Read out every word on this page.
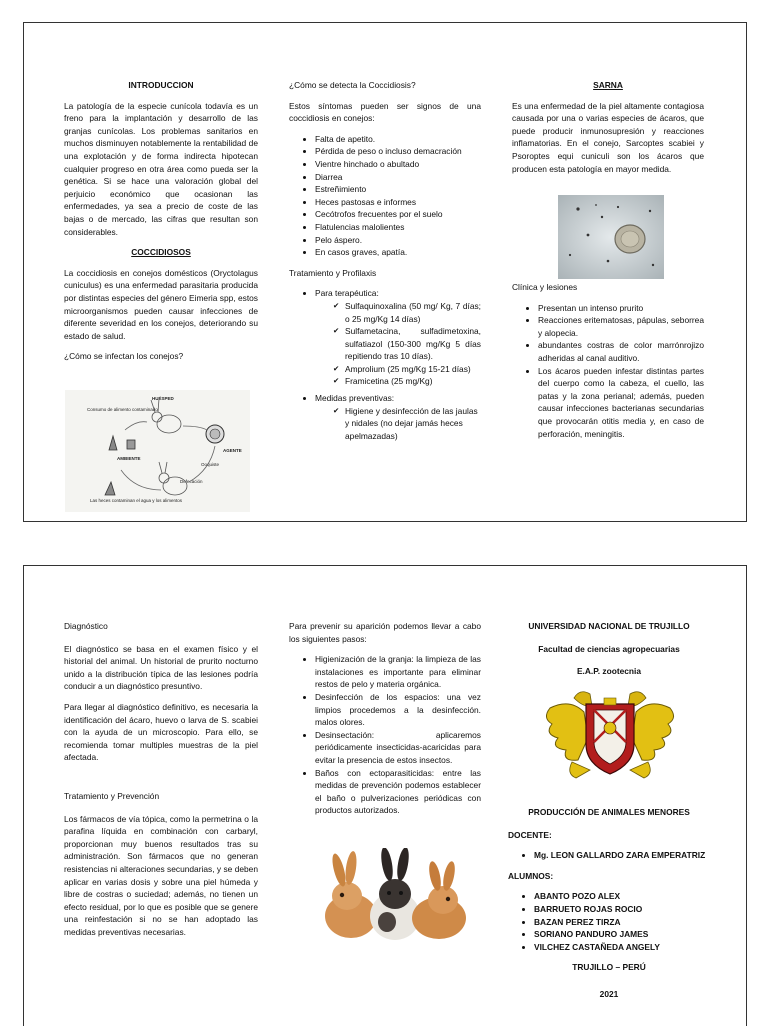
INTRODUCCION

La patología de la especie cunícola todavía es un freno para la implantación y desarrollo de las granjas cunícolas. Los problemas sanitarios en muchos disminuyen notablemente la rentabilidad de una explotación y de forma indirecta hipotecan cualquier progreso en otra área como pueda ser la genética. Si se hace una valoración global del perjuicio económico que ocasionan las enfermedades, ya sea a precio de coste de las bajas o de mercado, las cifras que resultan son considerables.

COCCIDIOSOS

La coccidiosis en conejos domésticos (Oryctolagus cuniculus) es una enfermedad parasitaria producida por distintas especies del género Eimeria spp, estos microorganismos pueden causar infecciones de diferente severidad en los conejos, deteriorando su estado de salud.

¿Cómo se infectan los conejos?

HUÉSPED
Consumo de alimento contaminado
AMBIENTE
AGENTE
Defecación
Las heces contaminan el agua y los alimentos
Ooquiste

¿Cómo se detecta la Coccidiosis?

Estos síntomas pueden ser signos de una coccidiosis en conejos:

• Falta de apetito.
• Pérdida de peso o incluso demacración
• Vientre hinchado o abultado
• Diarrea
• Estreñimiento
• Heces pastosas e informes
• Cecótrofos frecuentes por el suelo
• Flatulencias malolientes
• Pelo áspero.
• En casos graves, apatía.

Tratamiento y Profilaxis

• Para terapéutica:
✔ Sulfaquinoxalina (50 mg/ Kg, 7 días; o 25 mg/Kg 14 días)
✔ Sulfametacina, sulfadimetoxina, sulfatiazol (150-300 mg/Kg 5 días repitiendo tras 10 días).
✔ Amprolium (25 mg/Kg 15-21 días)
✔ Framicetina (25 mg/Kg)
• Medidas preventivas:
✔ Higiene y desinfección de las jaulas y nidales (no dejar jamás heces apelmazadas)
SARNA

Es una enfermedad de la piel altamente contagiosa causada por una o varias especies de ácaros, que puede producir inmunosupresión y reacciones inflamatorias. En el conejo, Sarcoptes scabiei y Psoroptes equi cuniculi son los ácaros que producen esta patología en mayor medida.

Clínica y lesiones

• Presentan un intenso prurito
• Reacciones eritematosas, pápulas, seborrea y alopecia.
• abundantes costras de color marrónrojizo adheridas al canal auditivo.
• Los ácaros pueden infestar distintas partes del cuerpo como la cabeza, el cuello, las patas y la zona perianal; además, pueden causar infecciones bacterianas secundarias que provocarán otitis media y, en caso de perforación, meningitis.

Diagnóstico

El diagnóstico se basa en el examen físico y el historial del animal. Un historial de prurito nocturno unido a la distribución típica de las lesiones podría conducir a un diagnóstico presuntivo.

Para llegar al diagnóstico definitivo, es necesaria la identificación del ácaro, huevo o larva de S. scabiei con la ayuda de un microscopio. Para ello, se recomienda tomar multiples muestras de la piel afectada.

Tratamiento y Prevención

Los fármacos de vía tópica, como la permetrina o la parafina líquida en combinación con carbaryl, proporcionan muy buenos resultados tras su administración. Son fármacos que no generan resistencias ni alteraciones secundarias, y se deben aplicar en varias dosis y sobre una piel húmeda y libre de costras o suciedad; además, no tienen un efecto residual, por lo que es posible que se genere una reinfestación si no se han adoptado las medidas preventivas necesarias.

Para prevenir su aparición podemos llevar a cabo los siguientes pasos:

• Higienización de la granja: la limpieza de las instalaciones es importante para eliminar restos de pelo y materia orgánica.
• Desinfección de los espacios: una vez limpios procedemos a la desinfección. malos olores.
• Desinsectación: aplicaremos periódicamente insecticidas-acaricidas para evitar la presencia de estos insectos.
• Baños con ectoparasiticidas: entre las medidas de prevención podemos establecer el baño o pulverizaciones periódicas con productos autorizados.

UNIVERSIDAD NACIONAL DE TRUJILLO

Facultad de ciencias agropecuarias

E.A.P. zootecnia

PRODUCCIÓN DE ANIMALES MENORES

DOCENTE:

• Mg. LEON GALLARDO ZARA EMPERATRIZ

ALUMNOS:

• ABANTO POZO ALEX
• BARRUETO ROJAS ROCIO
• BAZAN PEREZ TIRZA
• SORIANO PANDURO JAMES
• VILCHEZ CASTAÑEDA ANGELY

TRUJILLO – PERÚ

2021
